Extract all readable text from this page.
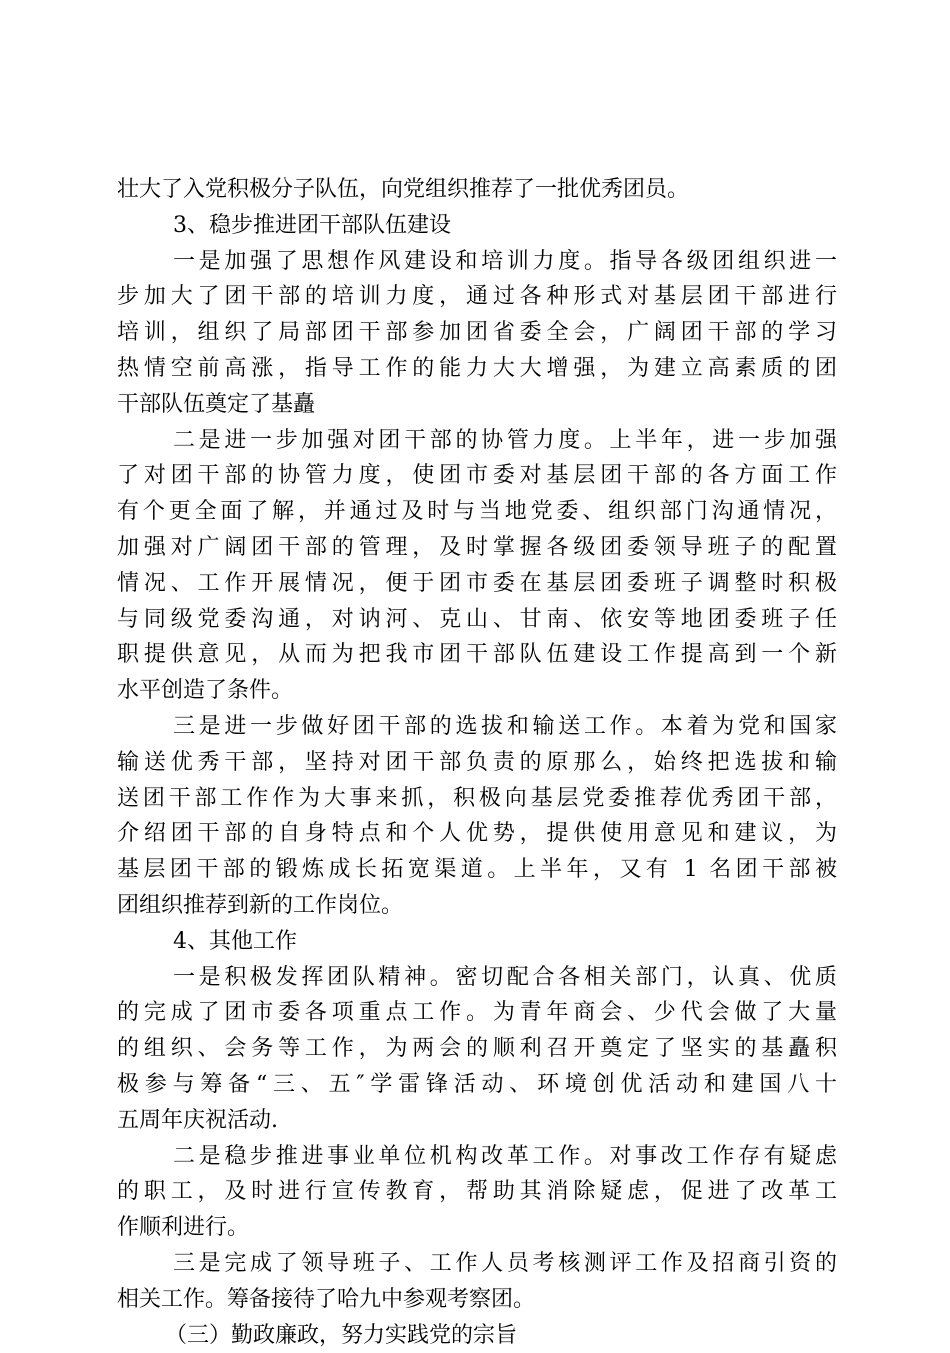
壮大了入党积极分子队伍，向党组织推荐了一批优秀团员。
3、稳步推进团干部队伍建设
一是加强了思想作风建设和培训力度。指导各级团组织进一
步加大了团干部的培训力度，通过各种形式对基层团干部进行
培训，组织了局部团干部参加团省委全会，广阔团干部的学习
热情空前高涨，指导工作的能力大大增强，为建立高素质的团
干部队伍奠定了基矗
二是进一步加强对团干部的协管力度。上半年，进一步加强
了对团干部的协管力度，使团市委对基层团干部的各方面工作
有个更全面了解，并通过及时与当地党委、组织部门沟通情况，
加强对广阔团干部的管理，及时掌握各级团委领导班子的配置
情况、工作开展情况，便于团市委在基层团委班子调整时积极
与同级党委沟通，对讷河、克山、甘南、依安等地团委班子任
职提供意见，从而为把我市团干部队伍建设工作提高到一个新
水平创造了条件。
三是进一步做好团干部的选拔和输送工作。本着为党和国家
输送优秀干部，坚持对团干部负责的原那么，始终把选拔和输
送团干部工作作为大事来抓，积极向基层党委推荐优秀团干部，
介绍团干部的自身特点和个人优势，提供使用意见和建议，为
基层团干部的锻炼成长拓宽渠道。上半年，又有 1 名团干部被
团组织推荐到新的工作岗位。
4、其他工作
一是积极发挥团队精神。密切配合各相关部门，认真、优质
的完成了团市委各项重点工作。为青年商会、少代会做了大量
的组织、会务等工作，为两会的顺利召开奠定了坚实的基矗积
极参与筹备“三、五″学雷锋活动、环境创优活动和建国八十
五周年庆祝活动.
二是稳步推进事业单位机构改革工作。对事改工作存有疑虑
的职工，及时进行宣传教育，帮助其消除疑虑，促进了改革工
作顺利进行。
三是完成了领导班子、工作人员考核测评工作及招商引资的
相关工作。筹备接待了哈九中参观考察团。
（三）勤政廉政，努力实践党的宗旨
